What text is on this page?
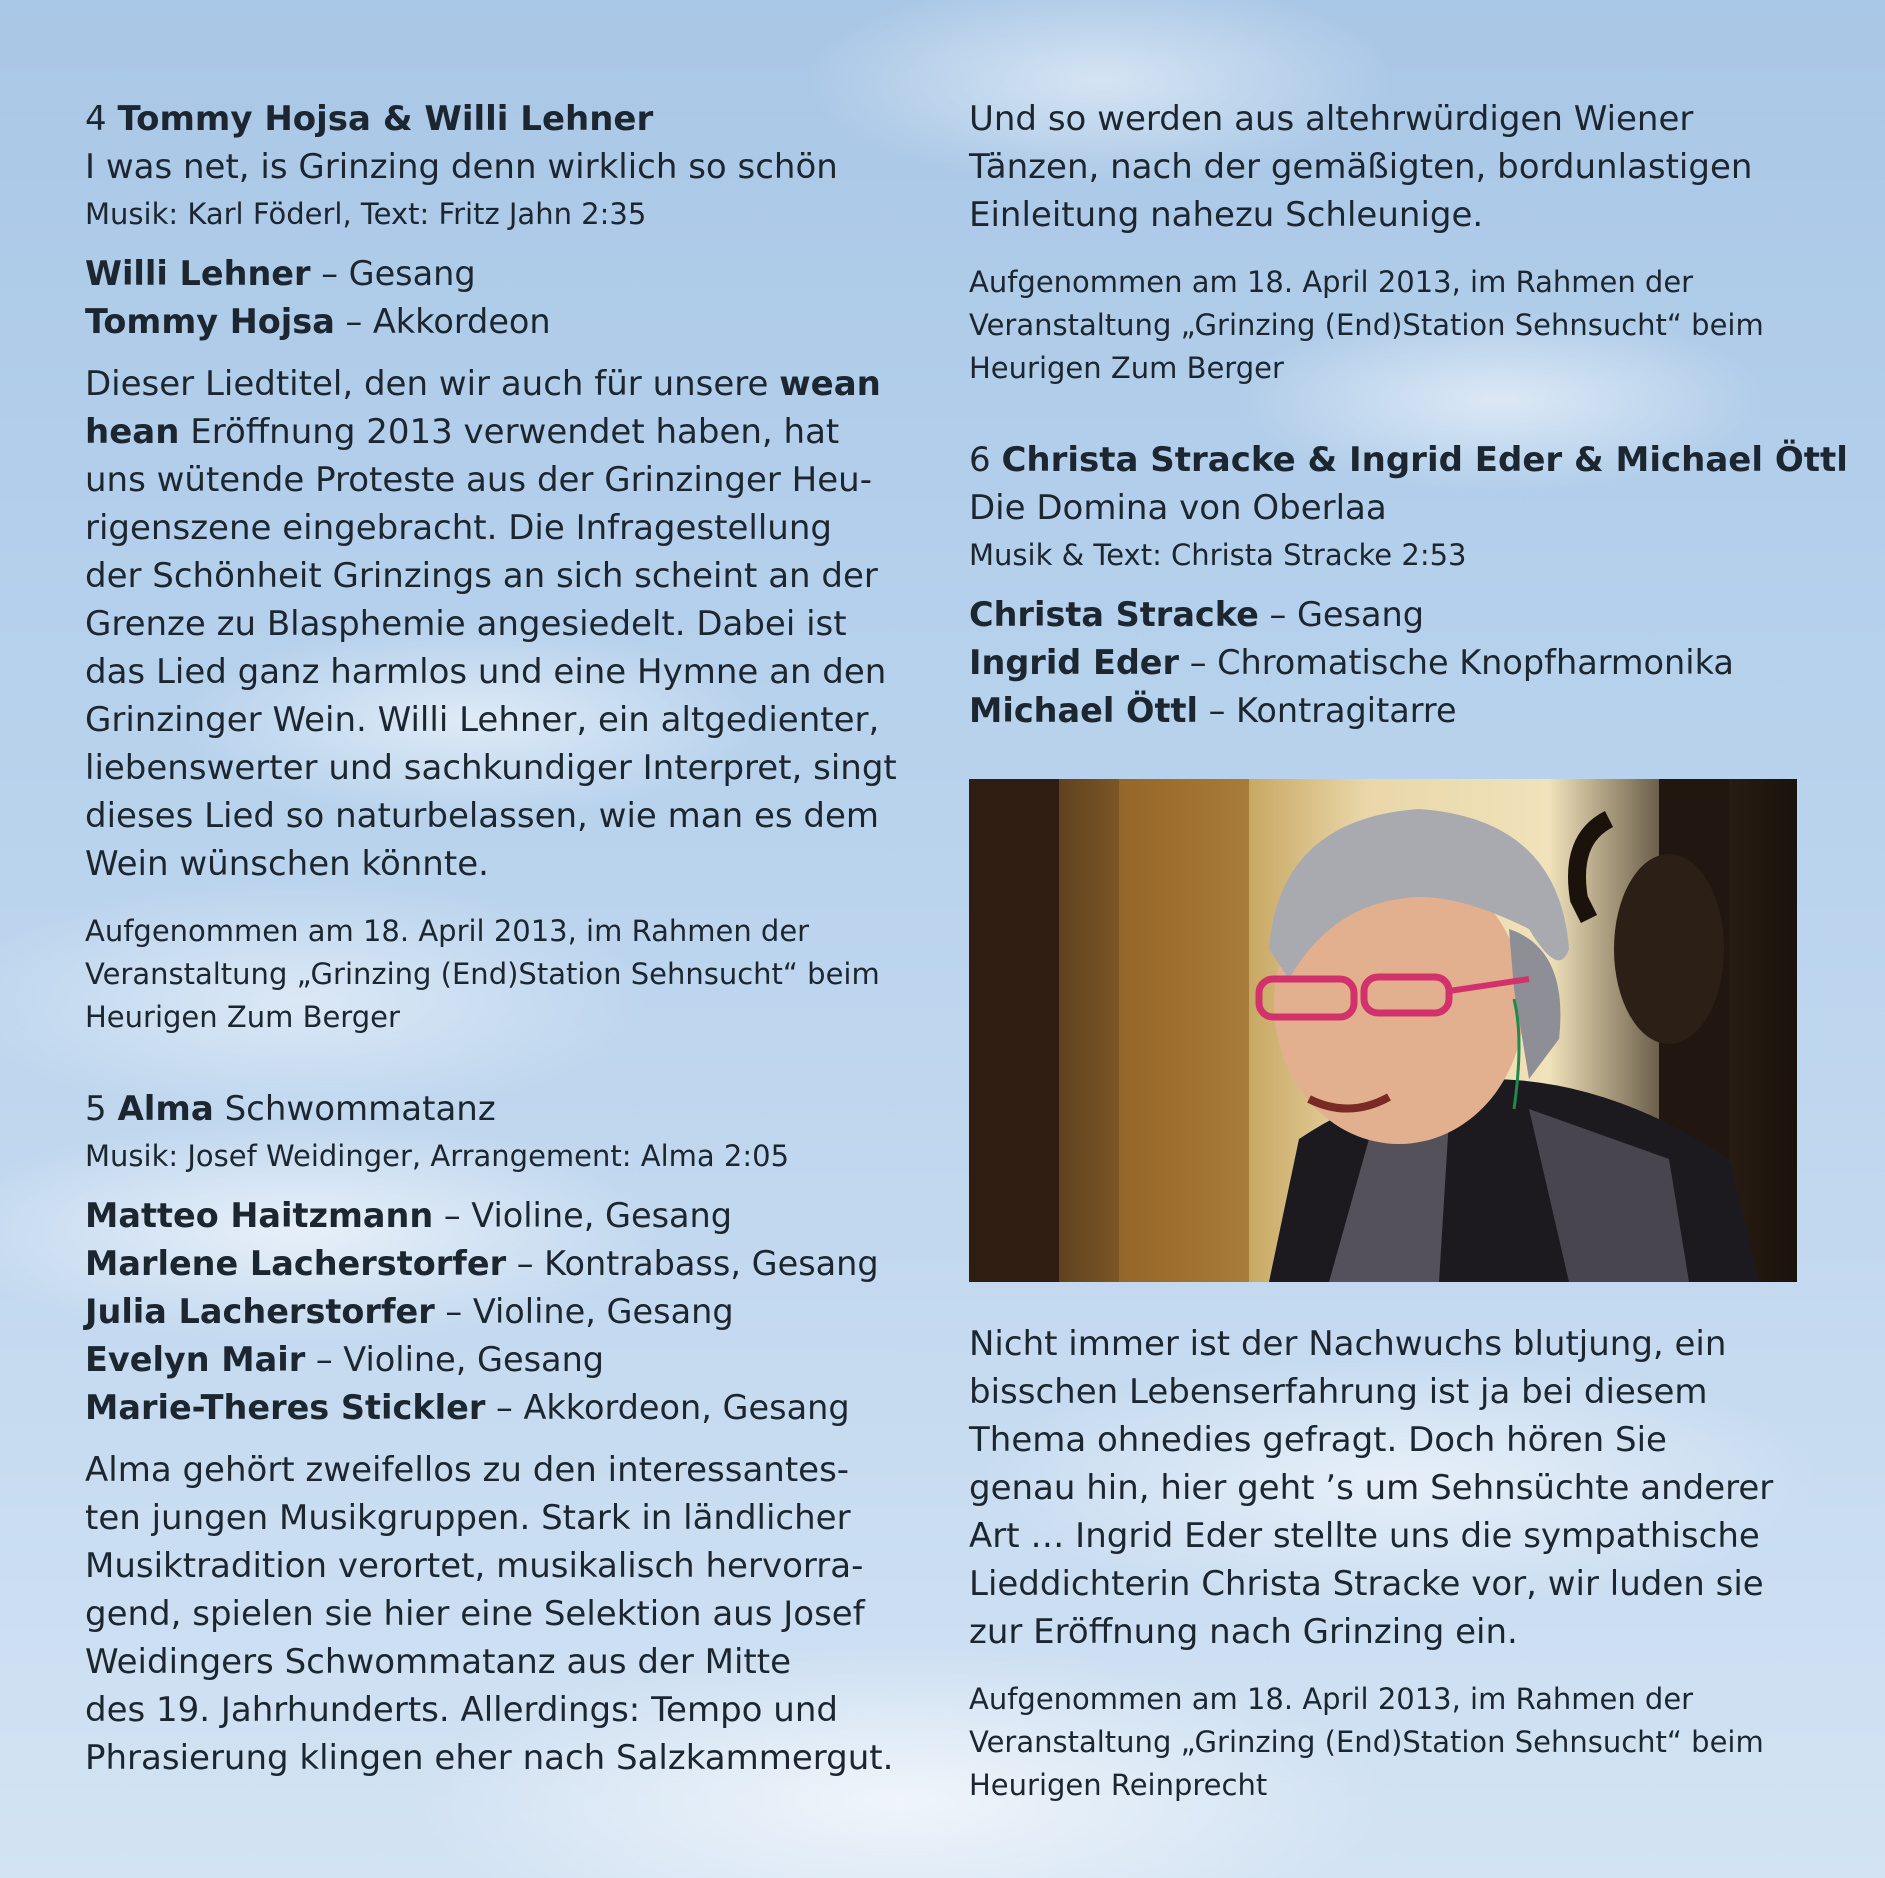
4 Tommy Hojsa & Willi Lehner

I was net, is Grinzing denn wirklich so schön

Musik: Karl Föderl, Text: Fritz Jahn 2:35

Willi Lehner – Gesang

Tommy Hojsa – Akkordeon

Dieser Liedtitel, den wir auch für unsere wean

hean Eröffnung 2013 verwendet haben, hat

uns wütende Proteste aus der Grinzinger Heu-

rigenszene eingebracht. Die Infragestellung

der Schönheit Grinzings an sich scheint an der

Grenze zu Blasphemie angesiedelt. Dabei ist

das Lied ganz harmlos und eine Hymne an den

Grinzinger Wein. Willi Lehner, ein altgedienter,

liebenswerter und sachkundiger Interpret, singt

dieses Lied so naturbelassen, wie man es dem

Wein wünschen könnte.

Aufgenommen am 18. April 2013, im Rahmen der

Veranstaltung „Grinzing (End)Station Sehnsucht“ beim

Heurigen Zum Berger

5 Alma Schwommatanz

Musik: Josef Weidinger, Arrangement: Alma 2:05

Matteo Haitzmann – Violine, Gesang

Marlene Lacherstorfer – Kontrabass, Gesang

Julia Lacherstorfer – Violine, Gesang

Evelyn Mair – Violine, Gesang

Marie-Theres Stickler – Akkordeon, Gesang

Alma gehört zweifellos zu den interessantes-

ten jungen Musikgruppen. Stark in ländlicher

Musiktradition verortet, musikalisch hervorra-

gend, spielen sie hier eine Selektion aus Josef

Weidingers Schwommatanz aus der Mitte

des 19. Jahrhunderts. Allerdings: Tempo und

Phrasierung klingen eher nach Salzkammergut.

Und so werden aus altehrwürdigen Wiener

Tänzen, nach der gemäßigten, bordunlastigen

Einleitung nahezu Schleunige.

Aufgenommen am 18. April 2013, im Rahmen der

Veranstaltung „Grinzing (End)Station Sehnsucht“ beim

Heurigen Zum Berger

6 Christa Stracke & Ingrid Eder & Michael Öttl

Die Domina von Oberlaa

Musik & Text: Christa Stracke 2:53

Christa Stracke – Gesang

Ingrid Eder – Chromatische Knopfharmonika

Michael Öttl – Kontragitarre

Nicht immer ist der Nachwuchs blutjung, ein

bisschen Lebenserfahrung ist ja bei diesem

Thema ohnedies gefragt. Doch hören Sie

genau hin, hier geht ’s um Sehnsüchte anderer

Art … Ingrid Eder stellte uns die sympathische

Lieddichterin Christa Stracke vor, wir luden sie

zur Eröffnung nach Grinzing ein.

Aufgenommen am 18. April 2013, im Rahmen der

Veranstaltung „Grinzing (End)Station Sehnsucht“ beim

Heurigen Reinprecht
